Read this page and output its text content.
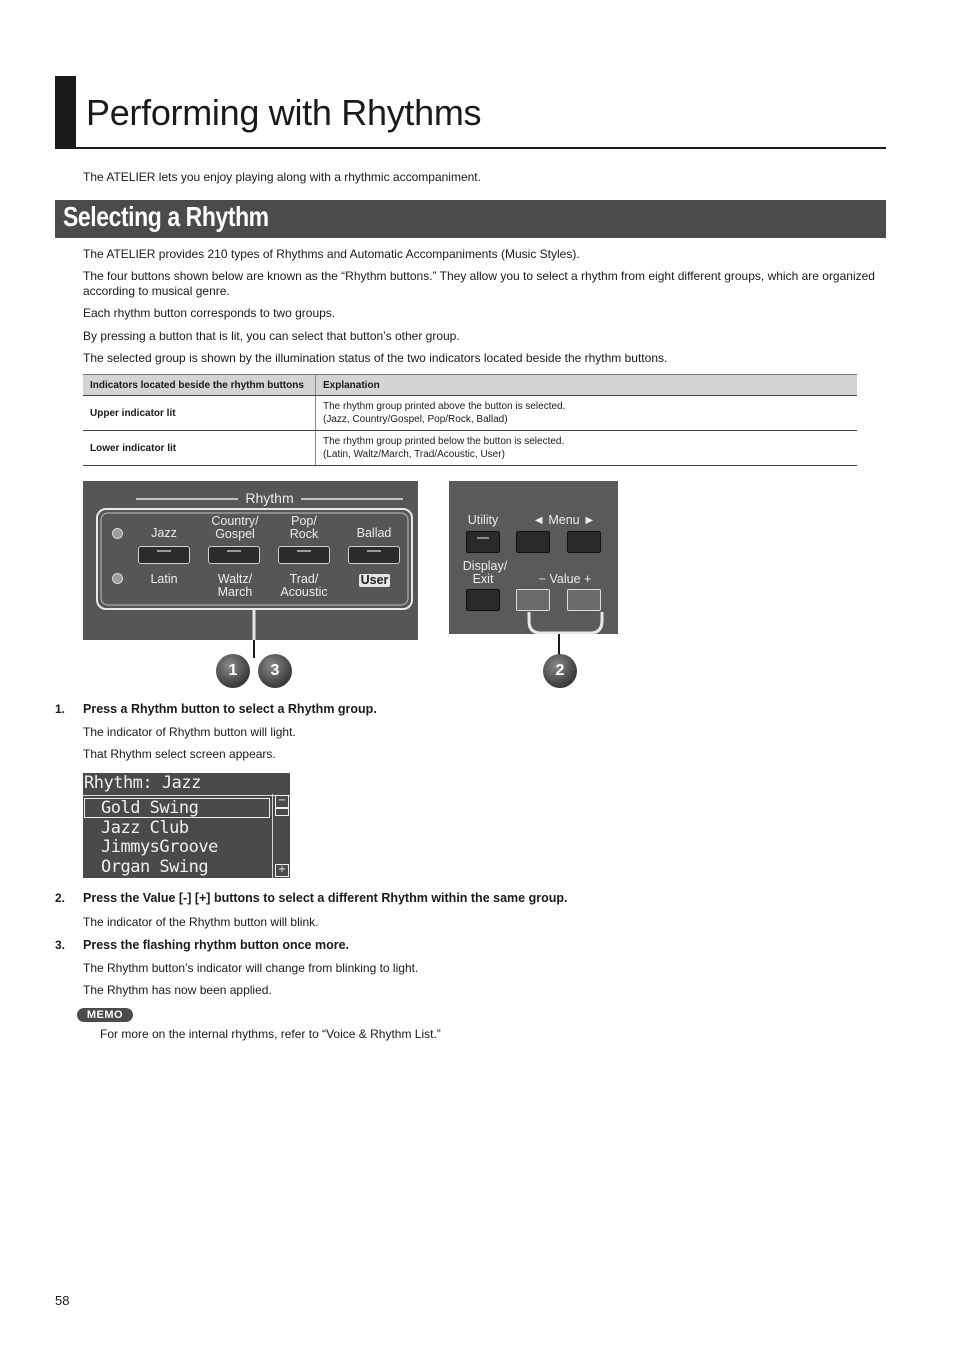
Performing with Rhythms
The ATELIER lets you enjoy playing along with a rhythmic accompaniment.
Selecting a Rhythm
The ATELIER provides 210 types of Rhythms and Automatic Accompaniments (Music Styles).
The four buttons shown below are known as the “Rhythm buttons.” They allow you to select a rhythm from eight different groups, which are organized according to musical genre.
Each rhythm button corresponds to two groups.
By pressing a button that is lit, you can select that button’s other group.
The selected group is shown by the illumination status of the two indicators located beside the rhythm buttons.
Indicators located beside the rhythm buttons	Explanation
Upper indicator lit	The rhythm group printed above the button is selected.
(Jazz, Country/Gospel, Pop/Rock, Ballad)

Lower indicator lit	The rhythm group printed below the button is selected.
(Latin, Waltz/March, Trad/Acoustic, User)
Rhythm
Jazz
Country/
Gospel
Pop/
Rock	Ballad
Latin	Waltz/
March
Trad/
Acoustic
User
Utility	◄ Menu ►
Display/
Exit	− Value +
1	3	2
1. Press a Rhythm button to select a Rhythm group.
The indicator of Rhythm button will light.
That Rhythm select screen appears.
Rhythm: Jazz
Gold Swing
Jazz Club
JimmysGroove
Organ Swing
−
+
2. Press the Value [-] [+] buttons to select a different Rhythm within the same group.
The indicator of the Rhythm button will blink.
3. Press the flashing rhythm button once more.
The Rhythm button’s indicator will change from blinking to light.
The Rhythm has now been applied.
MEMO
For more on the internal rhythms, refer to “Voice & Rhythm List.”
58
